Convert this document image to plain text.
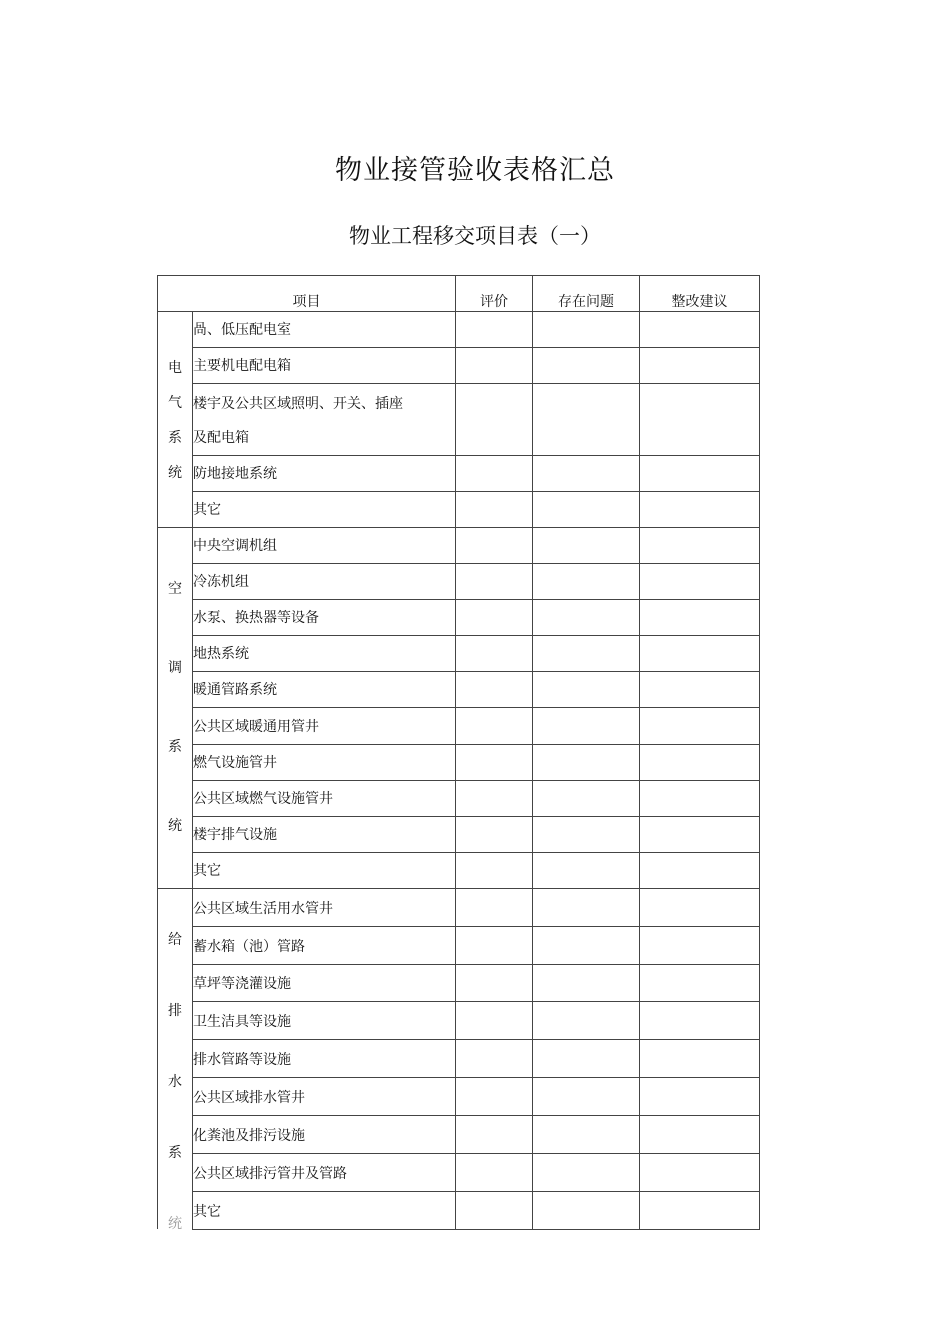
物业接管验收表格汇总
物业工程移交项目表（一）
项目		评价	存在问题	整改建议

电
气
系
统	咼、低压配电室			
	主要机电配电箱			

	楼宇及公共区域照明、开关、插座
及配电箱			

	防地接地系统			
	其它			

空
调
系
统	中央空调机组			
	冷冻机组			
	水泵、换热器等设备			
	地热系统			
	暖通管路系统			
	公共区域暖通用管井			
	燃气设施管井			
	公共区域燃气设施管井			
	楼宇排气设施			
	其它			

给
排
水
系
统	公共区域生活用水管井			
	蓄水箱（池）管路			
	草坪等浇灌设施			
	卫生洁具等设施			
	排水管路等设施			
	公共区域排水管井			
	化粪池及排污设施			
	公共区域排污管井及管路			
	其它			
